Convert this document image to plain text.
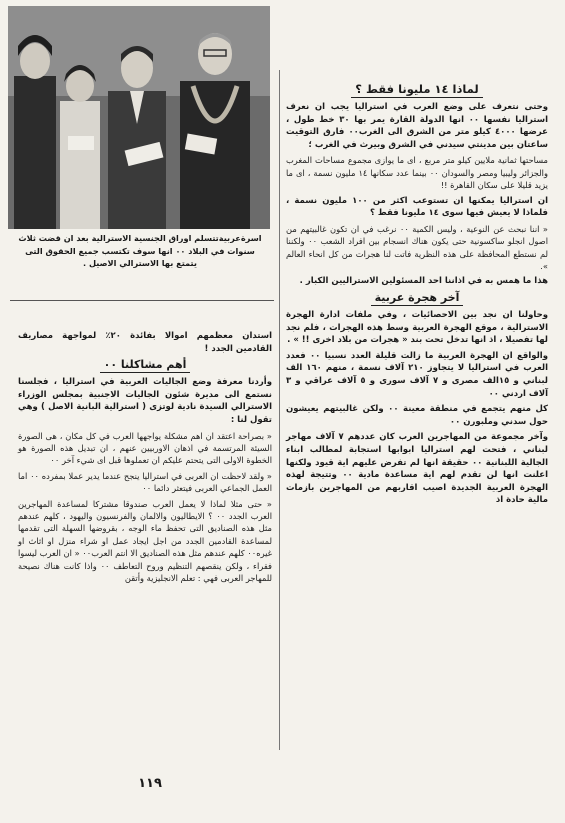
اسرةعربيةتتسلم اوراق الجنسية الاسترالية بعد ان قضت ثلاث سنوات في البلاد ٠٠ انها سوف تكتسب جميع الحقوق التى يتمتع بها الاسترالي الاصيل .
لماذا ١٤ مليونا فقط ؟

وحتى نتعرف على وضع العرب في استراليا يجب ان نعرف استراليا نفسها ٠٠ انها الدولة القارة يمر بها ٣٠ خط طول ، عرضها ٤٠٠٠ كيلو متر من الشرق الى الغرب٠٠ فارق التوقيت ساعتان بين مدينتي سيدني في الشرق وبيرث في الغرب ؛

مساحتها ثمانية ملايين كيلو متر مربع ، اى ما يوازى مجموع مساحات المغرب والجزائر وليبيا ومصر والسودان ٠٠ بينما عدد سكانها ١٤ مليون نسمة ، اى ما يزيد قليلا على سكان القاهرة !!

ان استراليا يمكنها ان تستوعب اكثر من ١٠٠ مليون نسمة ، فلماذا لا يعيش فيها سوى ١٤ مليونا فقط ؟

« اننا نبحث عن النوعية ، وليس الكمية ٠٠ نرغب في ان تكون غالبيتهم من اصول انجلو ساكسونية حتى يكون هناك انسجام بين افراد الشعب ٠٠ ولكننا لم نستطع المحافظة على هذه النظرية فاتت لنا هجرات من كل انحاء العالم ».

هذا ما همس به في اذاننا احد المسئولين الاستراليين الكبار .

آخر هجرة عربية

وحاولنا ان نجد بين الاحصائيات ، وفي ملفات ادارة الهجرة الاسترالية ، موقع الهجرة العربية وسط هذه الهجرات ، فلم نجد لها تفصيلا ، اذ انها تدخل تحت بند « هجرات من بلاد اخرى !! » .

والواقع ان الهجرة العربية ما زالت قليلة العدد نسبيا ٠٠ فعدد العرب في استراليا لا يتجاوز ٢١٠ آلاف نسمة ، منهم ١٦٠ الف لبناني و ١٥الف مصرى و ٧ آلاف سورى و ٥ آلاف عراقي و ٣ آلاف اردني ٠٠

كل منهم يتجمع في منطقة معينة ٠٠ ولكن غالبيتهم يعيشون حول سدني وملبورن ٠٠

وآخر مجموعة من المهاجرين العرب كان عددهم ٧ آلاف مهاجر لبناني ، فتحت لهم استراليا ابوابها استجابة لمطالب ابناء الجالية اللبنانية ٠٠ حقيقة انها لم تفرض عليهم اية قيود ولكنها اعلنت انها لن تقدم لهم اية مساعدة مادية ٠٠ وتتيجة لهذه الهجرة العربية الجديدة اصيب اقاربهم من المهاجرين بازمات مالية حادة اذ

استدان معظمهم اموالا بفائدة ٢٠٪ لمواجهة مصاريف القادمين الجدد !

أهم مشاكلنا ٠٠

وأردنا معرفة وضع الجاليات العربية في استراليا ، فجلسنا نستمع الى مديرة شئون الجاليات الاجنبية بمجلس الوزراء الاسترالي السيدة نادية لوتزى ( استرالية البانية الاصل ) وهي تقول لنا :

« بصراحة اعتقد ان اهم مشكلة يواجهها العرب في كل مكان ، هى الصورة السيئة المرتسمة في اذهان الاوربيين عنهم ، ان تبديل هذه الصورة هو الخطوة الاولى التى يتحتم عليكم ان تعملوها قبل اى شيء آخر ٠٠

« ولقد لاحظت ان العربى في استراليا ينجح عندما يدير عملا بمفرده ٠٠ اما العمل الجماعي العربى فيتعثر دائما ٠٠

« حتى مثلا لماذا لا يعمل العرب صندوقا مشتركا لمساعدة المهاجرين العرب الجدد ٠٠ ؟ الايطاليون والالمان والفرنسيون واليهود ، كلهم عندهم مثل هذه الصناديق التى تحفظ ماء الوجه ، بقروضها السهلة التى تقدمها لمساعدة القادمين الجدد من اجل ايجاد عمل او شراء منزل او اثاث او غيره٠٠ كلهم عندهم مثل هذه الصناديق الا انتم العرب٠٠ « ان العرب ليسوا فقراء ، ولكن ينقصهم التنظيم وروح التعاطف ٠٠ واذا كانت هناك نصيحة للمهاجر العربى فهي : تعلم الانجليزية وأتقن

١١٩
